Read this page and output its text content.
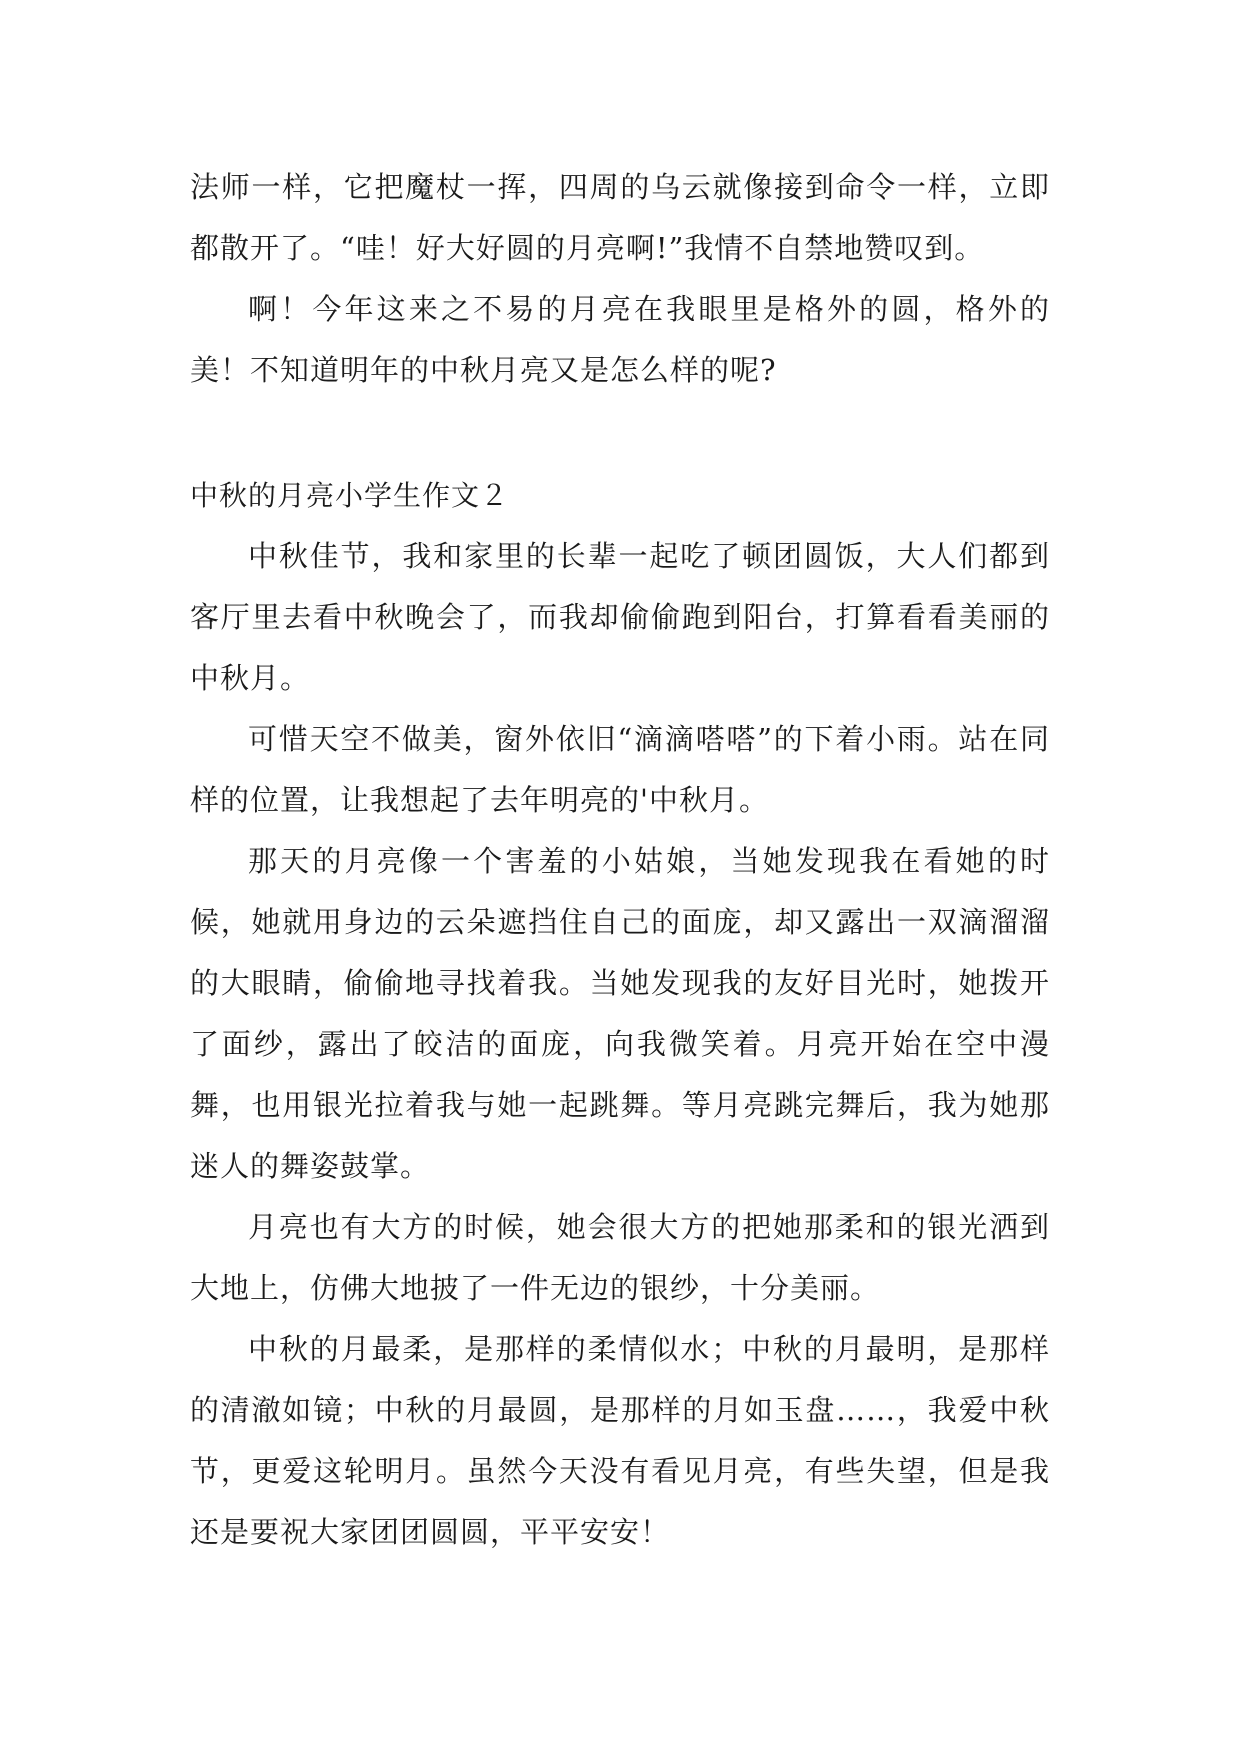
法师一样，它把魔杖一挥，四周的乌云就像接到命令一样，立即都散开了。“哇！好大好圆的月亮啊!”我情不自禁地赞叹到。

啊！今年这来之不易的月亮在我眼里是格外的圆，格外的美！不知道明年的中秋月亮又是怎么样的呢?

中秋的月亮小学生作文２

中秋佳节，我和家里的长辈一起吃了顿团圆饭，大人们都到客厅里去看中秋晚会了，而我却偷偷跑到阳台，打算看看美丽的中秋月。

可惜天空不做美，窗外依旧“滴滴嗒嗒”的下着小雨。站在同样的位置，让我想起了去年明亮的'中秋月。

那天的月亮像一个害羞的小姑娘，当她发现我在看她的时候，她就用身边的云朵遮挡住自己的面庞，却又露出一双滴溜溜的大眼睛，偷偷地寻找着我。当她发现我的友好目光时，她拨开了面纱，露出了皎洁的面庞，向我微笑着。月亮开始在空中漫舞，也用银光拉着我与她一起跳舞。等月亮跳完舞后，我为她那迷人的舞姿鼓掌。

月亮也有大方的时候，她会很大方的把她那柔和的银光洒到大地上，仿佛大地披了一件无边的银纱，十分美丽。

中秋的月最柔，是那样的柔情似水；中秋的月最明，是那样的清澈如镜；中秋的月最圆，是那样的月如玉盘……，我爱中秋节，更爱这轮明月。虽然今天没有看见月亮，有些失望，但是我还是要祝大家团团圆圆，平平安安！
